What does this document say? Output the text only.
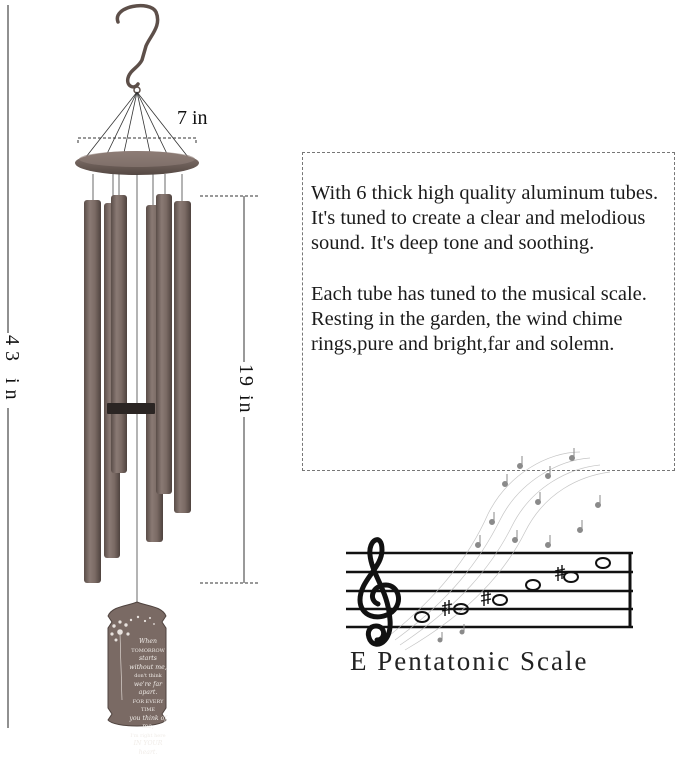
7 in
43 in	19 in
When
TOMORROW
starts without me,
don't think
we're far apart.
FOR EVERY TIME
you think of me,
I'm right here
IN YOUR heart.

With 6 thick high quality aluminum tubes. It's tuned to create a clear and melodious sound. It's deep tone and soothing.

Each tube has tuned to the musical scale. Resting in the garden, the wind chime rings,pure and bright,far and solemn.

E Pentatonic Scale
